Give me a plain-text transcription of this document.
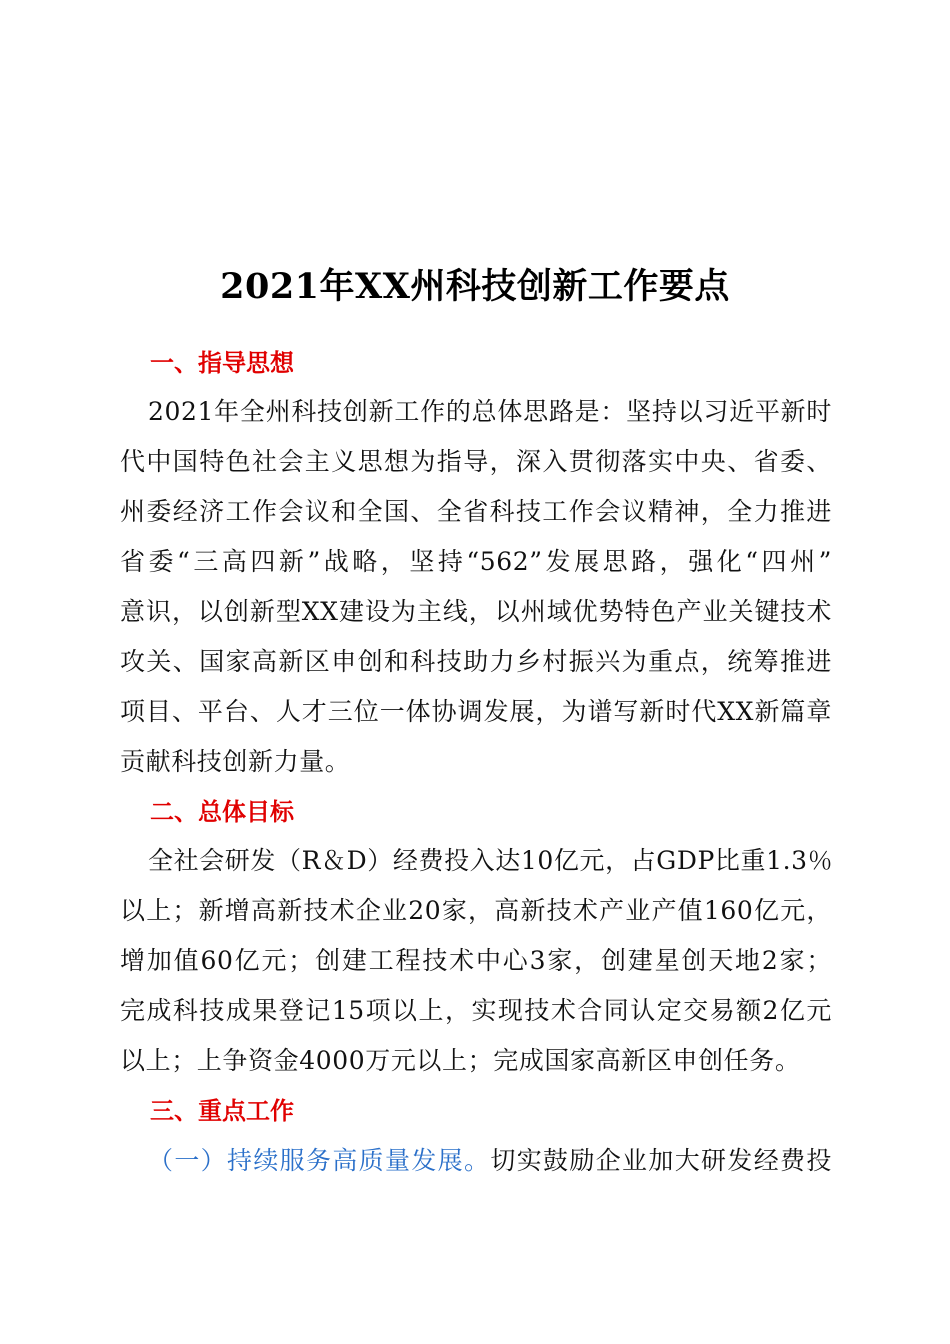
2021年XX州科技创新工作要点
一、指导思想
2021年全州科技创新工作的总体思路是：坚持以习近平新时
代中国特色社会主义思想为指导，深入贯彻落实中央、省委、
州委经济工作会议和全国、全省科技工作会议精神，全力推进
省委“三高四新”战略，坚持“562”发展思路，强化“四州”
意识，以创新型XX建设为主线，以州域优势特色产业关键技术
攻关、国家高新区申创和科技助力乡村振兴为重点，统筹推进
项目、平台、人才三位一体协调发展，为谱写新时代XX新篇章
贡献科技创新力量。
二、总体目标
全社会研发（R＆D）经费投入达10亿元，占GDP比重1.3％
以上；新增高新技术企业20家，高新技术产业产值160亿元，
增加值60亿元；创建工程技术中心3家，创建星创天地2家；
完成科技成果登记15项以上，实现技术合同认定交易额2亿元
以上；上争资金4000万元以上；完成国家高新区申创任务。
三、重点工作
（一）持续服务高质量发展。切实鼓励企业加大研发经费投
